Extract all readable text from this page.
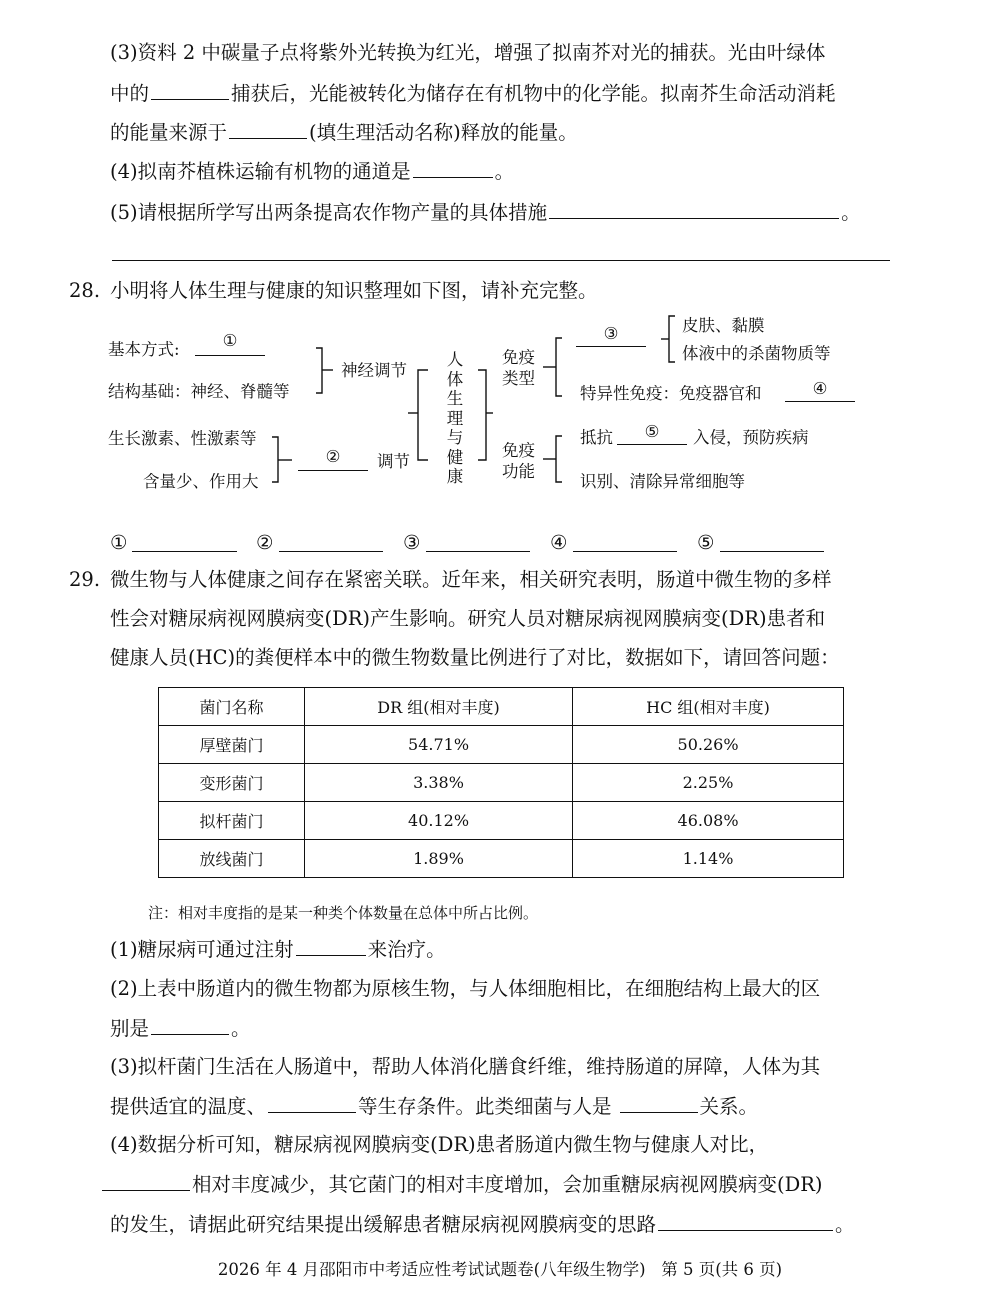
(3)资料 2 中碳量子点将紫外光转换为红光，增强了拟南芥对光的捕获。光由叶绿体
中的	捕获后，光能被转化为储存在有机物中的化学能。拟南芥生命活动消耗
的能量来源于	(填生理活动名称)释放的能量。
(4)拟南芥植株运输有机物的通道是	。
(5)请根据所学写出两条提高农作物产量的具体措施	。
28. 小明将人体生理与健康的知识整理如下图，请补充完整。
基本方式:	①
结构基础：神经、脊髓等
神经调节
生长激素、性激素等
含量少、作用大
②	调节
人
体
生
理
与
健
康
免疫
类型
免疫
功能
③	皮肤、黏膜
体液中的杀菌物质等
特异性免疫：免疫器官和	④
抵抗	⑤	入侵，预防疾病
识别、清除异常细胞等
①	②	③	④	⑤
29. 微生物与人体健康之间存在紧密关联。近年来，相关研究表明，肠道中微生物的多样
性会对糖尿病视网膜病变(DR)产生影响。研究人员对糖尿病视网膜病变(DR)患者和
健康人员(HC)的粪便样本中的微生物数量比例进行了对比，数据如下，请回答问题：
菌门名称	DR 组(相对丰度)	HC 组(相对丰度)
厚壁菌门	54.71%	50.26%
变形菌门	3.38%	2.25%
拟杆菌门	40.12%	46.08%
放线菌门	1.89%	1.14%
注：相对丰度指的是某一种类个体数量在总体中所占比例。
(1)糖尿病可通过注射	来治疗。
(2)上表中肠道内的微生物都为原核生物，与人体细胞相比，在细胞结构上最大的区
别是	。
(3)拟杆菌门生活在人肠道中，帮助人体消化膳食纤维，维持肠道的屏障，人体为其
提供适宜的温度、	等生存条件。此类细菌与人是	关系。
(4)数据分析可知，糖尿病视网膜病变(DR)患者肠道内微生物与健康人对比，
相对丰度减少，其它菌门的相对丰度增加，会加重糖尿病视网膜病变(DR)
的发生，请据此研究结果提出缓解患者糖尿病视网膜病变的思路	。
2026 年 4 月邵阳市中考适应性考试试题卷(八年级生物学)   第 5 页(共 6 页)
